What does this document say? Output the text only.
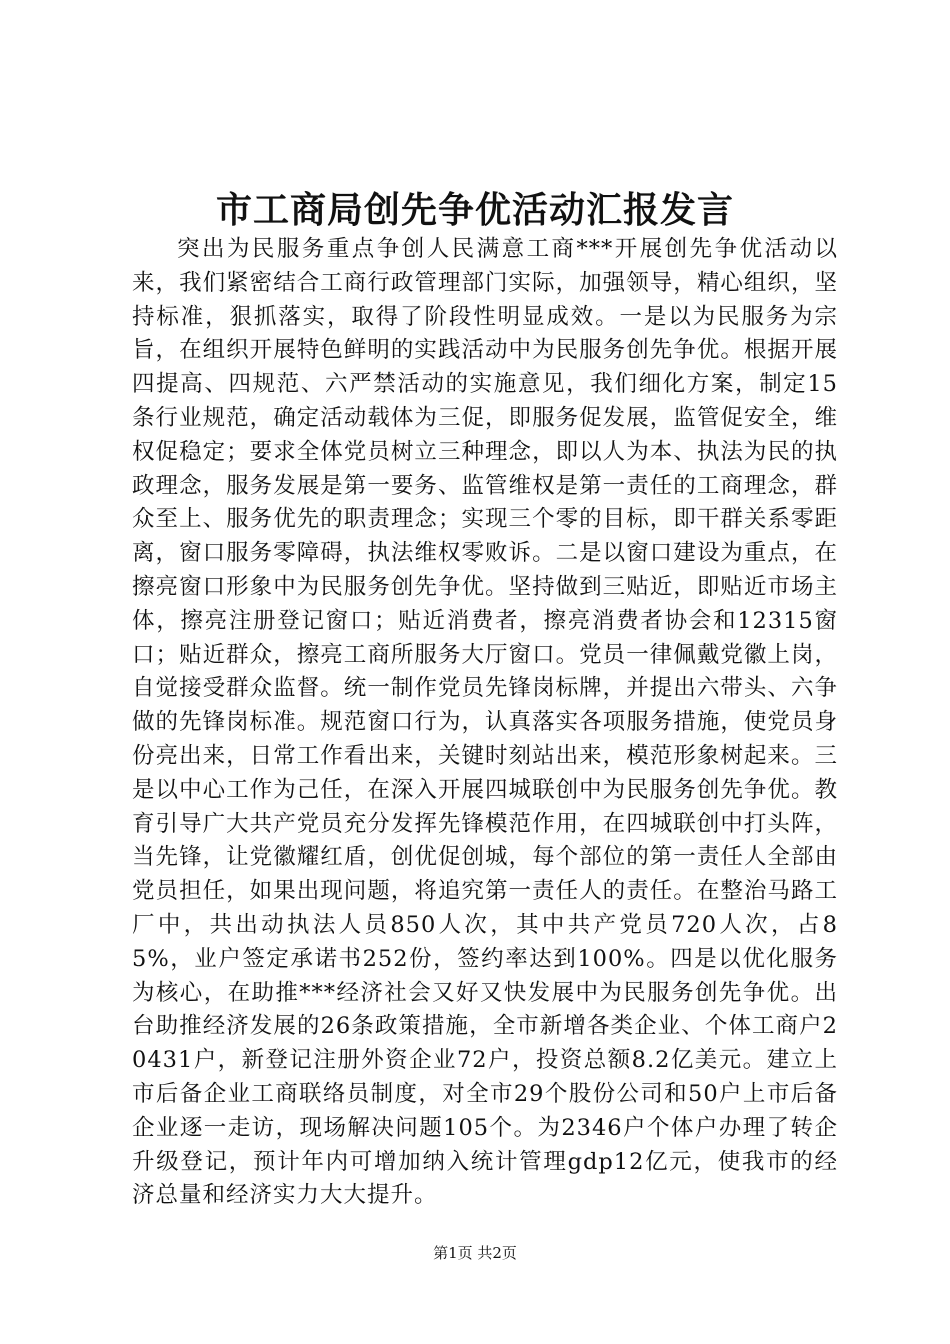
市工商局创先争优活动汇报发言

突出为民服务重点争创人民满意工商***开展创先争优活动以来，我们紧密结合工商行政管理部门实际，加强领导，精心组织，坚持标准，狠抓落实，取得了阶段性明显成效。一是以为民服务为宗旨，在组织开展特色鲜明的实践活动中为民服务创先争优。根据开展四提高、四规范、六严禁活动的实施意见，我们细化方案，制定15条行业规范，确定活动载体为三促，即服务促发展，监管促安全，维权促稳定；要求全体党员树立三种理念，即以人为本、执法为民的执政理念，服务发展是第一要务、监管维权是第一责任的工商理念，群众至上、服务优先的职责理念；实现三个零的目标，即干群关系零距离，窗口服务零障碍，执法维权零败诉。二是以窗口建设为重点，在擦亮窗口形象中为民服务创先争优。坚持做到三贴近，即贴近市场主体，擦亮注册登记窗口；贴近消费者，擦亮消费者协会和12315窗口；贴近群众，擦亮工商所服务大厅窗口。党员一律佩戴党徽上岗，自觉接受群众监督。统一制作党员先锋岗标牌，并提出六带头、六争做的先锋岗标准。规范窗口行为，认真落实各项服务措施，使党员身份亮出来，日常工作看出来，关键时刻站出来，模范形象树起来。三是以中心工作为己任，在深入开展四城联创中为民服务创先争优。教育引导广大共产党员充分发挥先锋模范作用，在四城联创中打头阵，当先锋，让党徽耀红盾，创优促创城，每个部位的第一责任人全部由党员担任，如果出现问题，将追究第一责任人的责任。在整治马路工厂中，共出动执法人员850人次，其中共产党员720人次，占85%，业户签定承诺书252份，签约率达到100%。四是以优化服务为核心，在助推***经济社会又好又快发展中为民服务创先争优。出台助推经济发展的26条政策措施，全市新增各类企业、个体工商户20431户，新登记注册外资企业72户，投资总额8.2亿美元。建立上市后备企业工商联络员制度，对全市29个股份公司和50户上市后备企业逐一走访，现场解决问题105个。为2346户个体户办理了转企升级登记，预计年内可增加纳入统计管理gdp12亿元，使我市的经济总量和经济实力大大提升。

第1页 共2页
